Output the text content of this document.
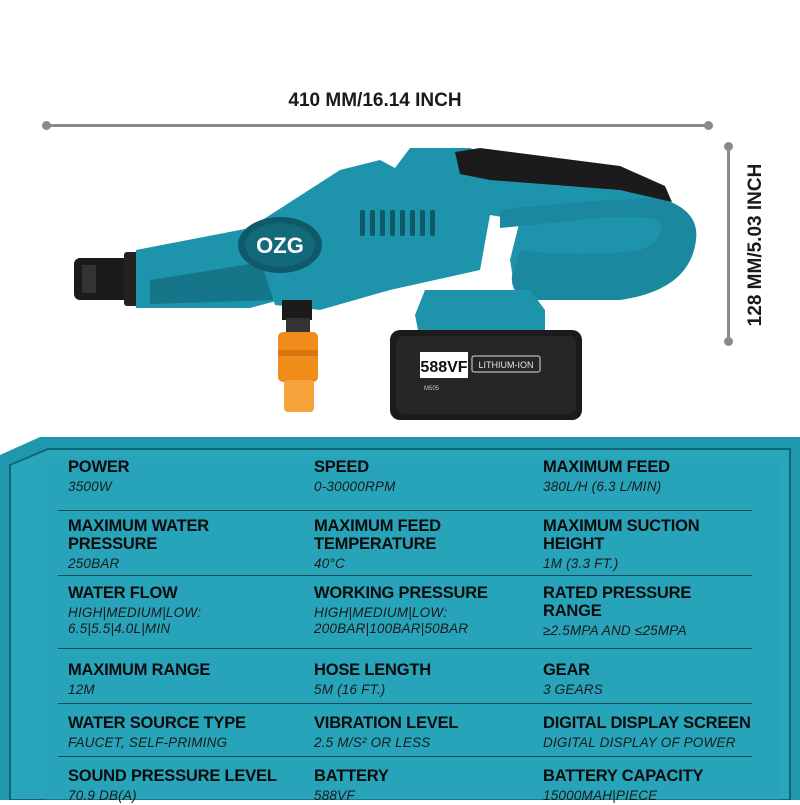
410 MM/16.14 INCH
128 MM/5.03 INCH
OZG
588VF LITHIUM-ION
M505
POWER
3500W
SPEED
0-30000RPM
MAXIMUM FEED
380L/H (6.3 L/MIN)
MAXIMUM WATER PRESSURE
250BAR
MAXIMUM FEED TEMPERATURE
40°C
MAXIMUM SUCTION HEIGHT
1M (3.3 FT.)
WATER FLOW
HIGH|MEDIUM|LOW: 6.5|5.5|4.0L|MIN
WORKING PRESSURE
HIGH|MEDIUM|LOW: 200BAR|100BAR|50BAR
RATED PRESSURE RANGE
≥2.5MPA AND ≤25MPA
MAXIMUM RANGE
12M
HOSE LENGTH
5M (16 FT.)
GEAR
3 GEARS
WATER SOURCE TYPE
FAUCET, SELF-PRIMING
VIBRATION LEVEL
2.5 M/S² OR LESS
DIGITAL DISPLAY SCREEN
DIGITAL DISPLAY OF POWER
SOUND PRESSURE LEVEL
70.9 DB(A)
BATTERY
588VF
BATTERY CAPACITY
15000MAH|PIECE
